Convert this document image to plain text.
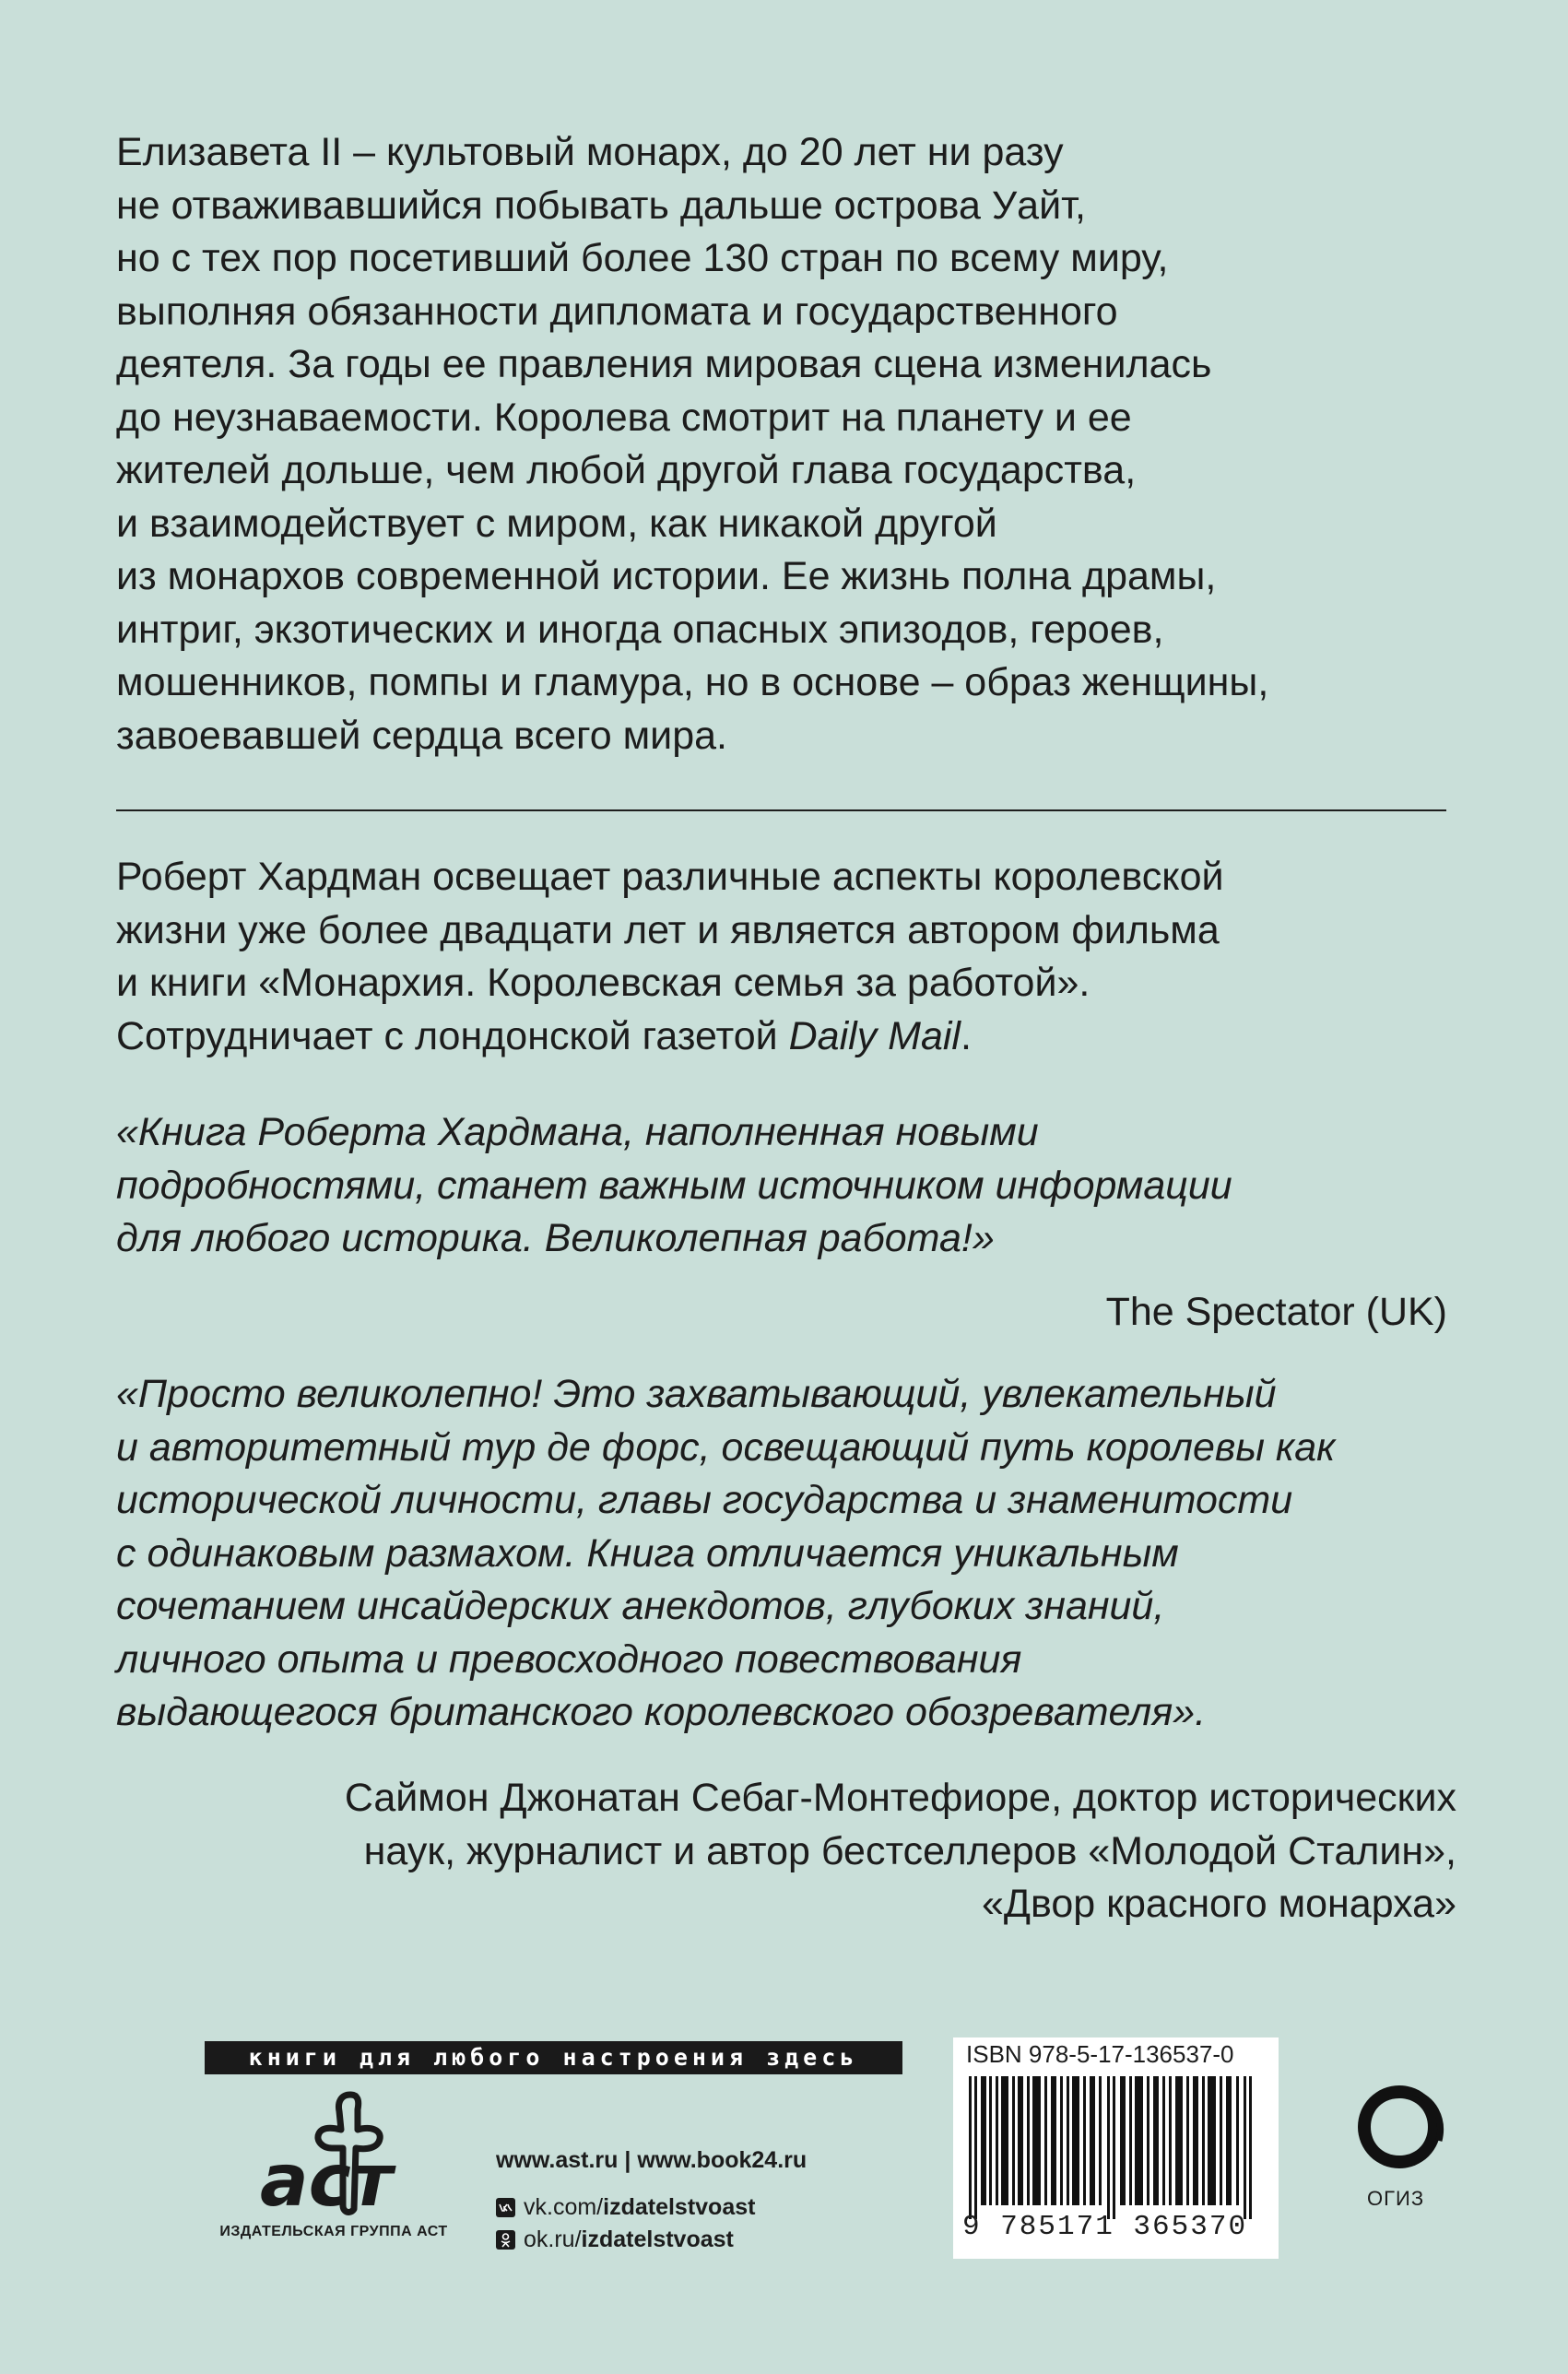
Елизавета II – культовый монарх, до 20 лет ни разу
не отваживавшийся побывать дальше острова Уайт,
но с тех пор посетивший более 130 стран по всему миру,
выполняя обязанности дипломата и государственного
деятеля. За годы ее правления мировая сцена изменилась
до неузнаваемости. Королева смотрит на планету и ее
жителей дольше, чем любой другой глава государства,
и взаимодействует с миром, как никакой другой
из монархов современной истории. Ее жизнь полна драмы,
интриг, экзотических и иногда опасных эпизодов, героев,
мошенников, помпы и гламура, но в основе – образ женщины,
завоевавшей сердца всего мира.
Роберт Хардман освещает различные аспекты королевской
жизни уже более двадцати лет и является автором фильма
и книги «Монархия. Королевская семья за работой».
Сотрудничает с лондонской газетой Daily Mail.
«Книга Роберта Хардмана, наполненная новыми
подробностями, станет важным источником информации
для любого историка. Великолепная работа!»
The Spectator (UK)
«Просто великолепно! Это захватывающий, увлекательный
и авторитетный тур де форс, освещающий путь королевы как
исторической личности, главы государства и знаменитости
с одинаковым размахом. Книга отличается уникальным
сочетанием инсайдерских анекдотов, глубоких знаний,
личного опыта и превосходного повествования
выдающегося британского королевского обозревателя».
Саймон Джонатан Себаг-Монтефиоре, доктор исторических
наук, журналист и автор бестселлеров «Молодой Сталин»,
«Двор красного монарха»
книги для любого настроения здесь
аст
ИЗДАТЕЛЬСКАЯ ГРУППА АСТ
www.ast.ru | www.book24.ru
vk.com/ izdatelstvoast
ok.ru/ izdatelstvoast
ISBN 978-5-17-136537-0
9 785171 365370
ОГИЗ
